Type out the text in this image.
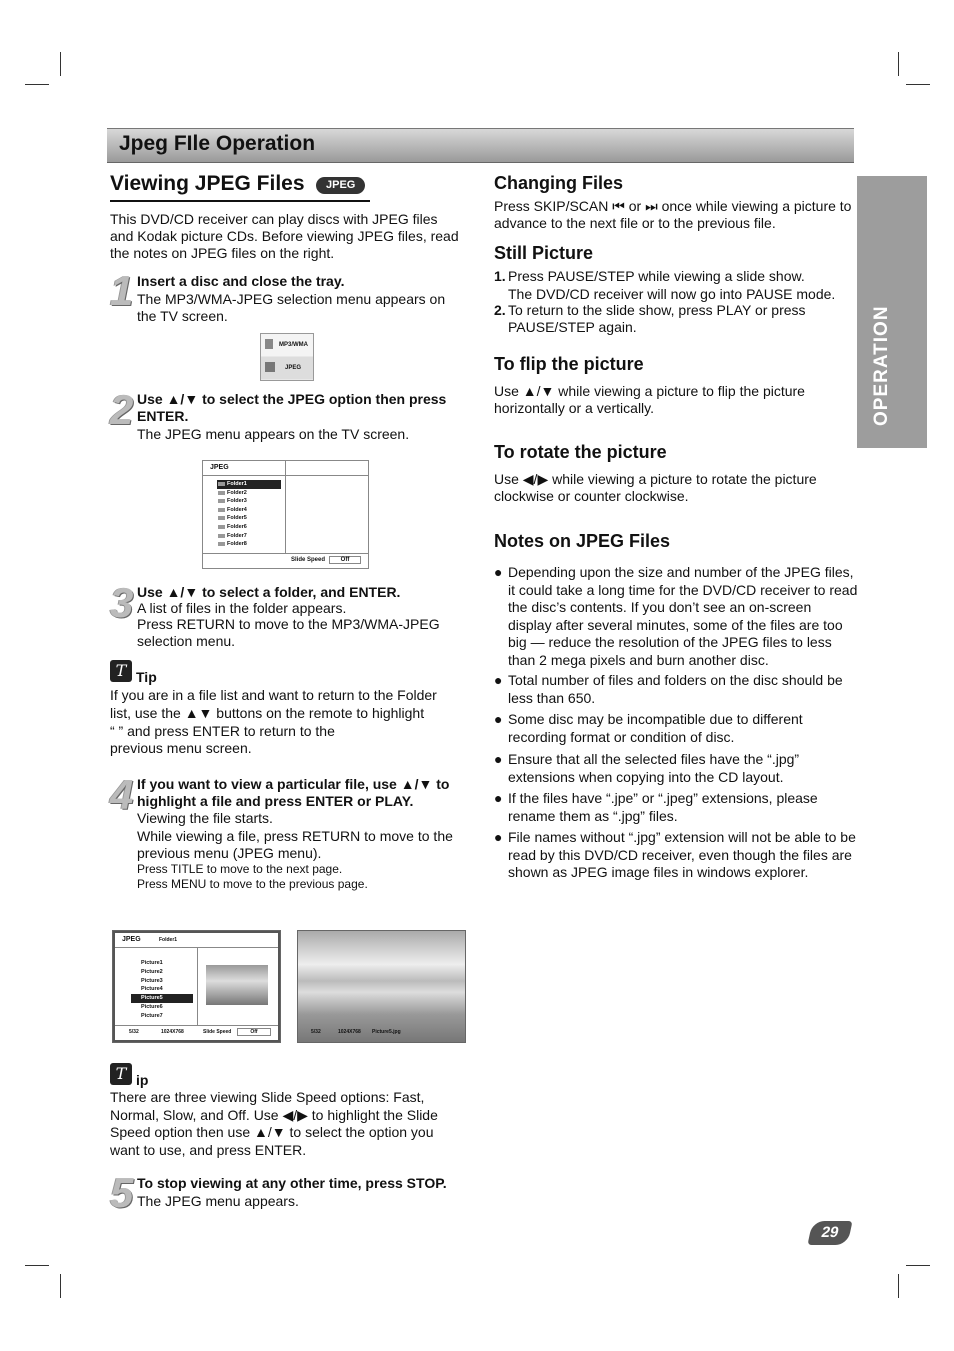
Jpeg FIle Operation
OPERATION
Viewing JPEG Files	JPEG
This DVD/CD receiver can play discs with JPEG files and Kodak picture CDs. Before viewing JPEG files, read the notes on JPEG files on the right.
1 Insert a disc and close the tray.
The MP3/WMA-JPEG selection menu appears on the TV screen.
MP3/WMA
JPEG
2 Use ▲/▼ to select the JPEG option then press ENTER.
The JPEG menu appears on the TV screen.
JPEG
Folder1
Folder2
Folder3
Folder4
Folder5
Folder6
Folder7
Folder8
Slide Speed	Off
3 Use ▲/▼ to select a folder, and ENTER.
A list of files in the folder appears.
Press RETURN to move to the MP3/WMA-JPEG selection menu.
T Tip
If you are in a file list and want to return to the Folder list, use the ▲▼ buttons on the remote to highlight
“ ” and press ENTER to return to the
previous menu screen.
4 If you want to view a particular file, use ▲/▼ to highlight a file and press ENTER or PLAY.
Viewing the file starts.
While viewing a file, press RETURN to move to the previous menu (JPEG menu).
Press TITLE to move to the next page.
Press MENU to move to the previous page.
JPEG	Folder1
Picture1
Picture2
Picture3
Picture4
Picture5
Picture6
Picture7
5/32	1024X768	Slide Speed	Off	5/32	1024X768 Picture5.jpg
T ip
There are three viewing Slide Speed options: Fast, Normal, Slow, and Off. Use ◀/▶ to highlight the Slide Speed option then use ▲/▼ to select the option you want to use, and press ENTER.
5 To stop viewing at any other time, press STOP.
The JPEG menu appears.
Changing Files
Press SKIP/SCAN ⏮ or ⏭ once while viewing a picture to advance to the next file or to the previous file.
Still Picture
1. Press PAUSE/STEP while viewing a slide show.
The DVD/CD receiver will now go into PAUSE mode.
2. To return to the slide show, press PLAY or press PAUSE/STEP again.
To flip the picture
Use ▲/▼ while viewing a picture to flip the picture horizontally or a vertically.
To rotate the picture
Use ◀/▶ while viewing a picture to rotate the picture clockwise or counter clockwise.
Notes on JPEG Files
● Depending upon the size and number of the JPEG files, it could take a long time for the DVD/CD receiver to read the disc’s contents. If you don’t see an on-screen display after several minutes, some of the files are too big — reduce the resolution of the JPEG files to less than 2 mega pixels and burn another disc.
● Total number of files and folders on the disc should be less than 650.
● Some disc may be incompatible due to different recording format or condition of disc.
● Ensure that all the selected files have the “.jpg” extensions when copying into the CD layout.
● If the files have “.jpe” or “.jpeg” extensions, please rename them as “.jpg” files.
● File names without “.jpg” extension will not be able to be read by this DVD/CD receiver, even though the files are shown as JPEG image files in windows explorer.
29
